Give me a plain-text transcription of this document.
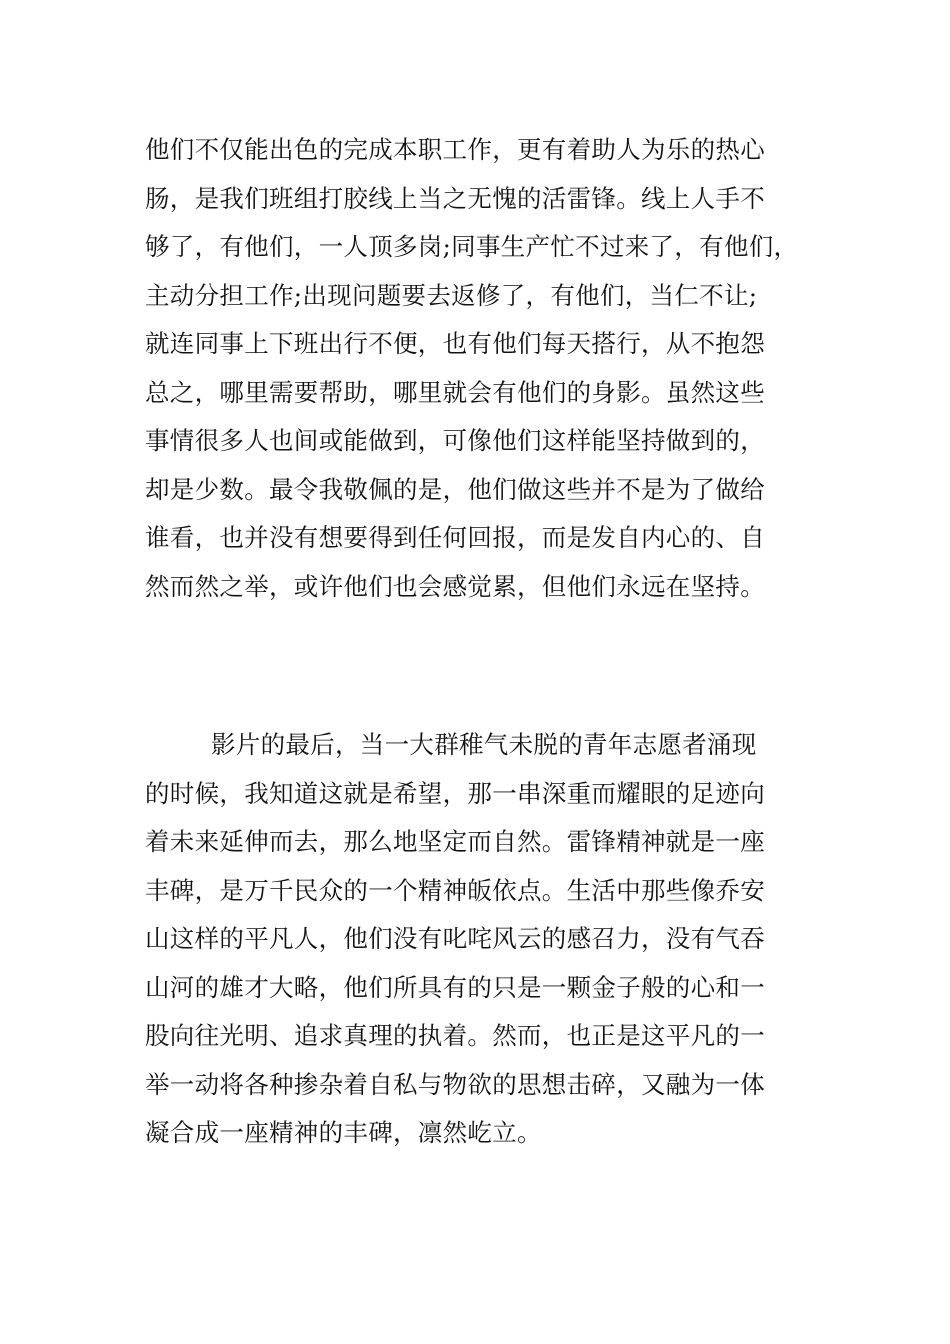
他们不仅能出色的完成本职工作，更有着助人为乐的热心
肠，是我们班组打胶线上当之无愧的活雷锋。线上人手不
够了，有他们，一人顶多岗;同事生产忙不过来了，有他们，
主动分担工作;出现问题要去返修了，有他们，当仁不让;
就连同事上下班出行不便，也有他们每天搭行，从不抱怨
总之，哪里需要帮助，哪里就会有他们的身影。虽然这些
事情很多人也间或能做到，可像他们这样能坚持做到的，
却是少数。最令我敬佩的是，他们做这些并不是为了做给
谁看，也并没有想要得到任何回报，而是发自内心的、自
然而然之举，或许他们也会感觉累，但他们永远在坚持。
影片的最后，当一大群稚气未脱的青年志愿者涌现
的时候，我知道这就是希望，那一串深重而耀眼的足迹向
着未来延伸而去，那么地坚定而自然。雷锋精神就是一座
丰碑，是万千民众的一个精神皈依点。生活中那些像乔安
山这样的平凡人，他们没有叱咤风云的感召力，没有气吞
山河的雄才大略，他们所具有的只是一颗金子般的心和一
股向往光明、追求真理的执着。然而，也正是这平凡的一
举一动将各种掺杂着自私与物欲的思想击碎，又融为一体
凝合成一座精神的丰碑，凛然屹立。
